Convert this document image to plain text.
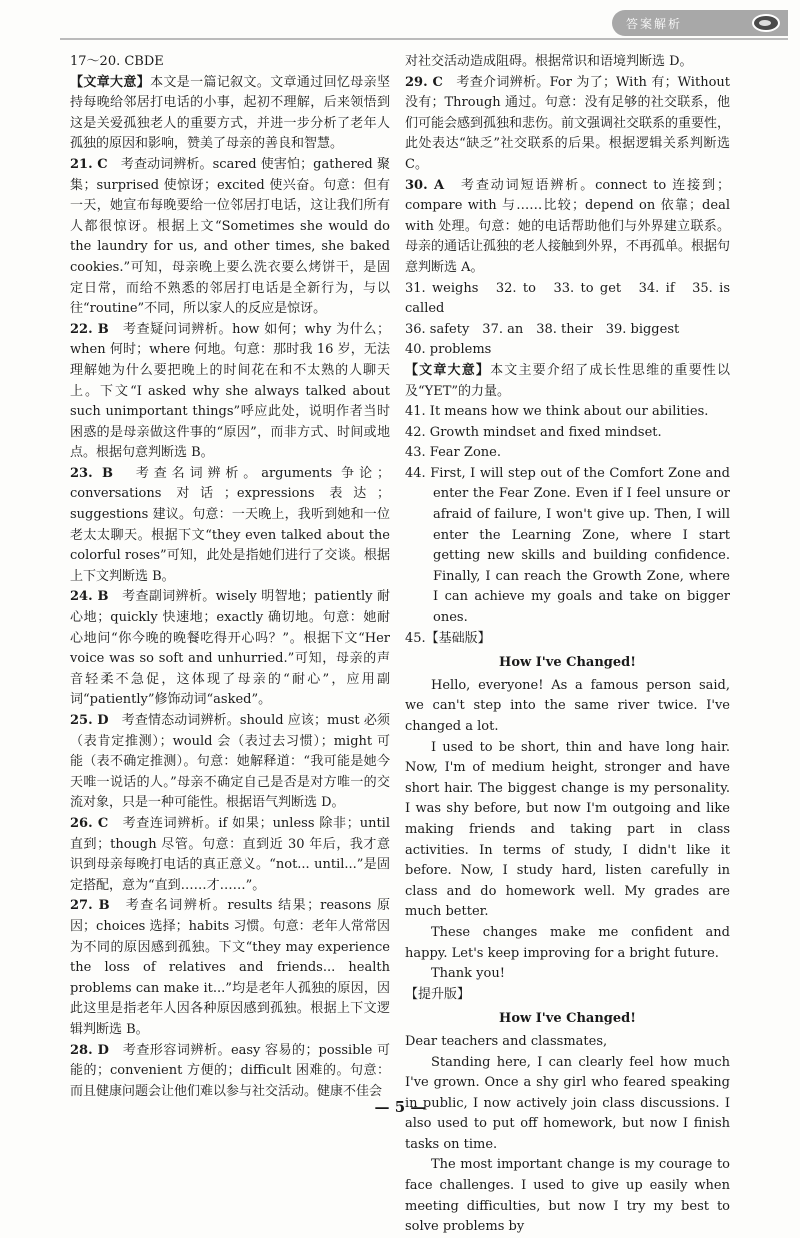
答案解析

17～20. CBDE

【文章大意】本文是一篇记叙文。文章通过回忆母亲坚持每晚给邻居打电话的小事，起初不理解，后来领悟到这是关爱孤独老人的重要方式，并进一步分析了老年人孤独的原因和影响，赞美了母亲的善良和智慧。

21. C　考查动词辨析。scared 使害怕；gathered 聚集；surprised 使惊讶；excited 使兴奋。句意：但有一天，她宣布每晚要给一位邻居打电话，这让我们所有人都很惊讶。根据上文“Sometimes she would do the laundry for us, and other times, she baked cookies.”可知，母亲晚上要么洗衣要么烤饼干，是固定日常，而给不熟悉的邻居打电话是全新行为，与以往“routine”不同，所以家人的反应是惊讶。

22. B　考查疑问词辨析。how 如何；why 为什么；when 何时；where 何地。句意：那时我 16 岁，无法理解她为什么要把晚上的时间花在和不太熟的人聊天上。下文“I asked why she always talked about such unimportant things”呼应此处，说明作者当时困惑的是母亲做这件事的“原因”，而非方式、时间或地点。根据句意判断选 B。

23. B　考查名词辨析。arguments 争论；conversations 对话；expressions 表达；suggestions 建议。句意：一天晚上，我听到她和一位老太太聊天。根据下文“they even talked about the colorful roses”可知，此处是指她们进行了交谈。根据上下文判断选 B。

24. B　考查副词辨析。wisely 明智地；patiently 耐心地；quickly 快速地；exactly 确切地。句意：她耐心地问“你今晚的晚餐吃得开心吗？”。根据下文“Her voice was so soft and unhurried.”可知，母亲的声音轻柔不急促，这体现了母亲的“耐心”，应用副词“patiently”修饰动词“asked”。

25. D　考查情态动词辨析。should 应该；must 必须（表肯定推测）；would 会（表过去习惯）；might 可能（表不确定推测）。句意：她解释道：“我可能是她今天唯一说话的人。”母亲不确定自己是否是对方唯一的交流对象，只是一种可能性。根据语气判断选 D。

26. C　考查连词辨析。if 如果；unless 除非；until 直到；though 尽管。句意：直到近 30 年后，我才意识到母亲每晚打电话的真正意义。“not... until...”是固定搭配，意为“直到……才……”。

27. B　考查名词辨析。results 结果；reasons 原因；choices 选择；habits 习惯。句意：老年人常常因为不同的原因感到孤独。下文“they may experience the loss of relatives and friends... health problems can make it...”均是老年人孤独的原因，因此这里是指老年人因各种原因感到孤独。根据上下文逻辑判断选 B。

28. D　考查形容词辨析。easy 容易的；possible 可能的；convenient 方便的；difficult 困难的。句意：而且健康问题会让他们难以参与社交活动。健康不佳会

对社交活动造成阻碍。根据常识和语境判断选 D。

29. C　考查介词辨析。For 为了；With 有；Without 没有；Through 通过。句意：没有足够的社交联系，他们可能会感到孤独和悲伤。前文强调社交联系的重要性，此处表达“缺乏”社交联系的后果。根据逻辑关系判断选 C。

30. A　考查动词短语辨析。connect to 连接到；compare with 与……比较；depend on 依靠；deal with 处理。句意：她的电话帮助他们与外界建立联系。母亲的通话让孤独的老人接触到外界，不再孤单。根据句意判断选 A。

31. weighs　32. to　33. to get　34. if　35. is called

36. safety　37. an　38. their　39. biggest

40. problems

【文章大意】本文主要介绍了成长性思维的重要性以及“YET”的力量。

41. It means how we think about our abilities.

42. Growth mindset and fixed mindset.

43. Fear Zone.

44. First, I will step out of the Comfort Zone and enter the Fear Zone. Even if I feel unsure or afraid of failure, I won't give up. Then, I will enter the Learning Zone, where I start getting new skills and building confidence. Finally, I can reach the Growth Zone, where I can achieve my goals and take on bigger ones.

45.【基础版】

How I've Changed!

Hello, everyone! As a famous person said, we can't step into the same river twice. I've changed a lot.

I used to be short, thin and have long hair. Now, I'm of medium height, stronger and have short hair. The biggest change is my personality. I was shy before, but now I'm outgoing and like making friends and taking part in class activities. In terms of study, I didn't like it before. Now, I study hard, listen carefully in class and do homework well. My grades are much better.

These changes make me confident and happy. Let's keep improving for a bright future.

Thank you!

【提升版】

How I've Changed!

Dear teachers and classmates,

Standing here, I can clearly feel how much I've grown. Once a shy girl who feared speaking in public, I now actively join class discussions. I also used to put off homework, but now I finish tasks on time.

The most important change is my courage to face challenges. I used to give up easily when meeting difficulties, but now I try my best to solve problems by

— 5 —
